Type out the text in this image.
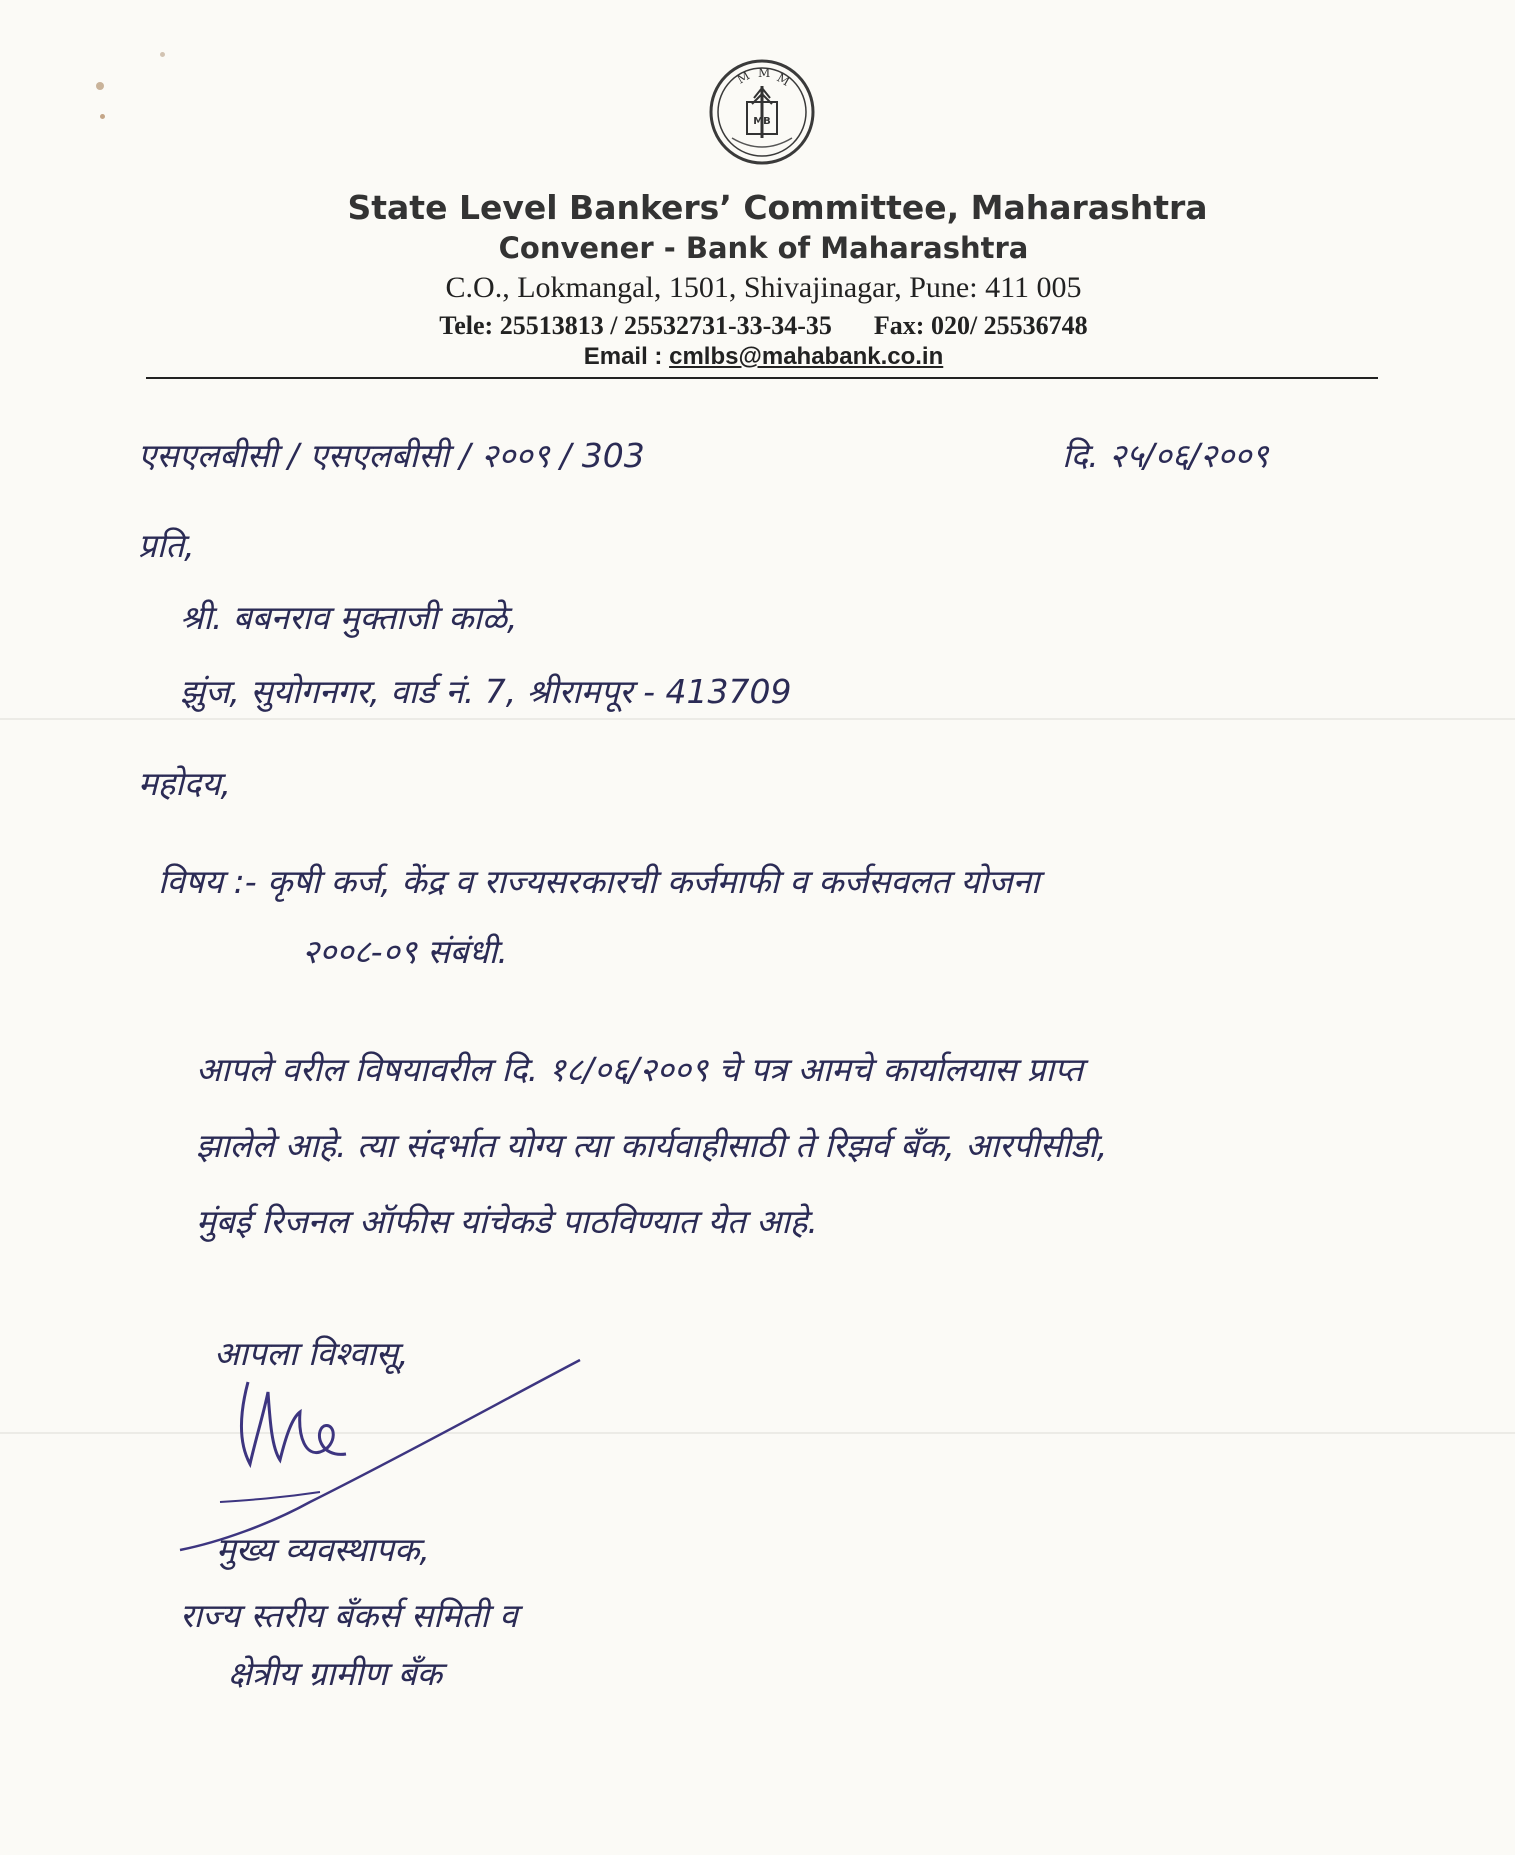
M M M
MB
State Level Bankers’ Committee, Maharashtra
Convener - Bank of Maharashtra
C.O., Lokmangal, 1501, Shivajinagar, Pune: 411 005
Tele: 25513813 / 25532731-33-34-35 Fax: 020/ 25536748
Email : cmlbs@mahabank.co.in
एसएलबीसी / एसएलबीसी / २००९ / 303	दि. २५/०६/२००९
प्रति,
श्री. बबनराव मुक्ताजी काळे,
झुंज, सुयोगनगर, वार्ड नं. 7, श्रीरामपूर - 413709
महोदय,
विषय :- कृषी कर्ज, केंद्र व राज्यसरकारची कर्जमाफी व कर्जसवलत योजना
२००८-०९ संबंधी.
आपले वरील विषयावरील दि. १८/०६/२००९ चे पत्र आमचे कार्यालयास प्राप्त
झालेले आहे. त्या संदर्भात योग्य त्या कार्यवाहीसाठी ते रिझर्व बँक, आरपीसीडी,
मुंबई रिजनल ऑफीस यांचेकडे पाठविण्यात येत आहे.
आपला विश्वासू,
मुख्य व्यवस्थापक,
राज्य स्तरीय बँकर्स समिती व
क्षेत्रीय ग्रामीण बँक
